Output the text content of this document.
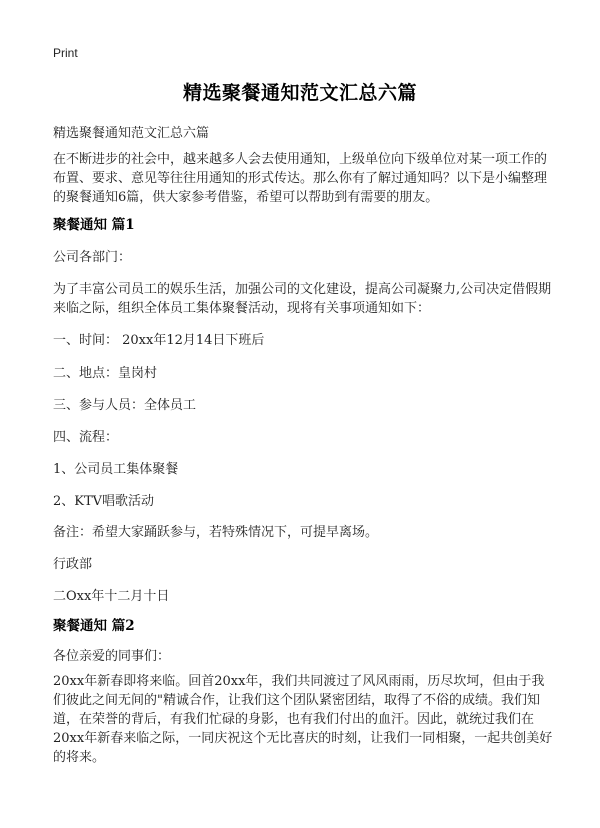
Print
精选聚餐通知范文汇总六篇
精选聚餐通知范文汇总六篇
在不断进步的社会中，越来越多人会去使用通知，上级单位向下级单位对某一项工作的布置、要求、意见等往往用通知的形式传达。那么你有了解过通知吗？以下是小编整理的聚餐通知6篇，供大家参考借鉴，希望可以帮助到有需要的朋友。
聚餐通知 篇1
公司各部门：
为了丰富公司员工的娱乐生活，加强公司的文化建设，提高公司凝聚力,公司决定借假期来临之际，组织全体员工集体聚餐活动，现将有关事项通知如下：
一、时间： 20xx年12月14日下班后
二、地点：皇岗村
三、参与人员：全体员工
四、流程：
1、公司员工集体聚餐
2、KTV唱歌活动
备注：希望大家踊跃参与，若特殊情况下，可提早离场。
行政部
二Oxx年十二月十日
聚餐通知 篇2
各位亲爱的同事们：
20xx年新春即将来临。回首20xx年，我们共同渡过了风风雨雨，历尽坎坷，但由于我们彼此之间无间的"精诚合作，让我们这个团队紧密团结，取得了不俗的成绩。我们知道，在荣誉的背后，有我们忙碌的身影，也有我们付出的血汗。因此，就统过我们在20xx年新春来临之际，一同庆祝这个无比喜庆的时刻，让我们一同相聚，一起共创美好的将来。
